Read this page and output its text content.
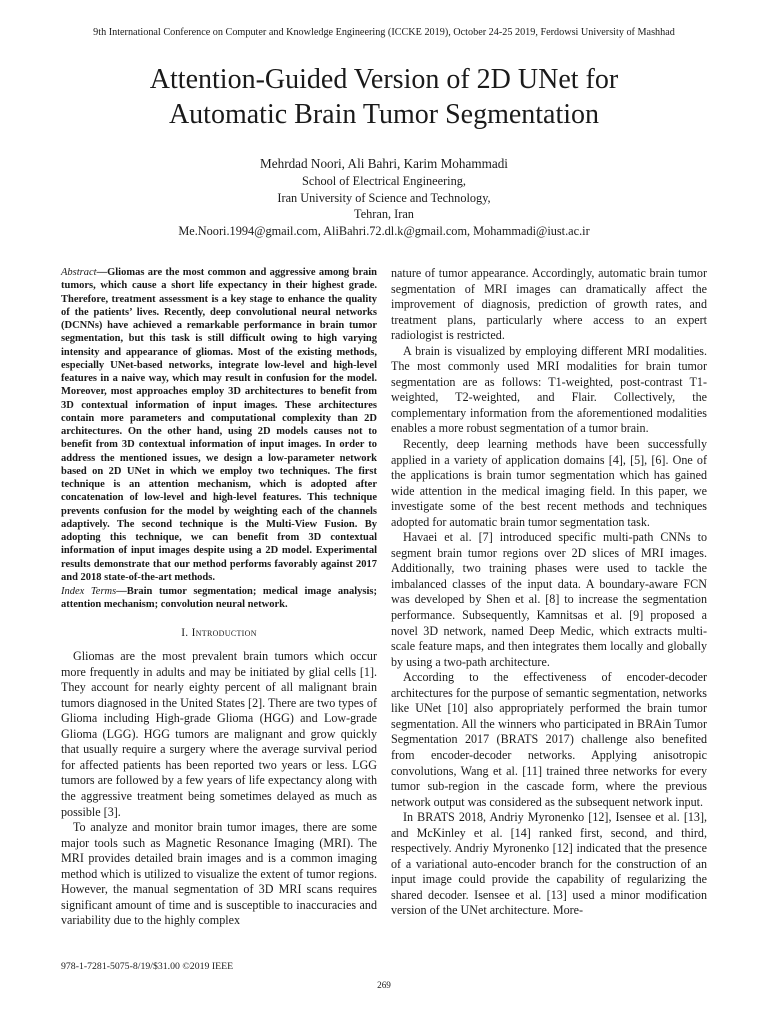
9th International Conference on Computer and Knowledge Engineering (ICCKE 2019), October 24-25 2019, Ferdowsi University of Mashhad
Attention-Guided Version of 2D UNet for
Automatic Brain Tumor Segmentation
Mehrdad Noori, Ali Bahri, Karim Mohammadi
School of Electrical Engineering,
Iran University of Science and Technology,
Tehran, Iran
Me.Noori.1994@gmail.com, AliBahri.72.dl.k@gmail.com, Mohammadi@iust.ac.ir

Abstract—Gliomas are the most common and aggressive among brain tumors, which cause a short life expectancy in their highest grade. Therefore, treatment assessment is a key stage to enhance the quality of the patients’ lives. Recently, deep convolutional neural networks (DCNNs) have achieved a remarkable performance in brain tumor segmentation, but this task is still difficult owing to high varying intensity and appearance of gliomas. Most of the existing methods, especially UNet-based networks, integrate low-level and high-level features in a naive way, which may result in confusion for the model. Moreover, most approaches employ 3D architectures to benefit from 3D contextual information of input images. These architectures contain more parameters and computational complexity than 2D architectures. On the other hand, using 2D models causes not to benefit from 3D contextual information of input images. In order to address the mentioned issues, we design a low-parameter network based on 2D UNet in which we employ two techniques. The first technique is an attention mechanism, which is adopted after concatenation of low-level and high-level features. This technique prevents confusion for the model by weighting each of the channels adaptively. The second technique is the Multi-View Fusion. By adopting this technique, we can benefit from 3D contextual information of input images despite using a 2D model. Experimental results demonstrate that our method performs favorably against 2017 and 2018 state-of-the-art methods.

Index Terms—Brain tumor segmentation; medical image analysis; attention mechanism; convolution neural network.

I. Introduction

Gliomas are the most prevalent brain tumors which occur more frequently in adults and may be initiated by glial cells [1]. They account for nearly eighty percent of all malignant brain tumors diagnosed in the United States [2]. There are two types of Glioma including High-grade Glioma (HGG) and Low-grade Glioma (LGG). HGG tumors are malignant and grow quickly that usually require a surgery where the average survival period for affected patients has been reported two years or less. LGG tumors are followed by a few years of life expectancy along with the aggressive treatment being sometimes delayed as much as possible [3].

To analyze and monitor brain tumor images, there are some major tools such as Magnetic Resonance Imaging (MRI). The MRI provides detailed brain images and is a common imaging method which is utilized to visualize the extent of tumor regions. However, the manual segmentation of 3D MRI scans requires significant amount of time and is susceptible to inaccuracies and variability due to the highly complex

nature of tumor appearance. Accordingly, automatic brain tumor segmentation of MRI images can dramatically affect the improvement of diagnosis, prediction of growth rates, and treatment plans, particularly where access to an expert radiologist is restricted.

A brain is visualized by employing different MRI modalities. The most commonly used MRI modalities for brain tumor segmentation are as follows: T1-weighted, post-contrast T1-weighted, T2-weighted, and Flair. Collectively, the complementary information from the aforementioned modalities enables a more robust segmentation of a tumor brain.

Recently, deep learning methods have been successfully applied in a variety of application domains [4], [5], [6]. One of the applications is brain tumor segmentation which has gained wide attention in the medical imaging field. In this paper, we investigate some of the best recent methods and techniques adopted for automatic brain tumor segmentation task.

Havaei et al. [7] introduced specific multi-path CNNs to segment brain tumor regions over 2D slices of MRI images. Additionally, two training phases were used to tackle the imbalanced classes of the input data. A boundary-aware FCN was developed by Shen et al. [8] to increase the segmentation performance. Subsequently, Kamnitsas et al. [9] proposed a novel 3D network, named Deep Medic, which extracts multi-scale feature maps, and then integrates them locally and globally by using a two-path architecture.

According to the effectiveness of encoder-decoder architectures for the purpose of semantic segmentation, networks like UNet [10] also appropriately performed the brain tumor segmentation. All the winners who participated in BRAin Tumor Segmentation 2017 (BRATS 2017) challenge also benefited from encoder-decoder networks. Applying anisotropic convolutions, Wang et al. [11] trained three networks for every tumor sub-region in the cascade form, where the previous network output was considered as the subsequent network input.

In BRATS 2018, Andriy Myronenko [12], Isensee et al. [13], and McKinley et al. [14] ranked first, second, and third, respectively. Andriy Myronenko [12] indicated that the presence of a variational auto-encoder branch for the construction of an input image could provide the capability of regularizing the shared decoder. Isensee et al. [13] used a minor modification version of the UNet architecture. More-

978-1-7281-5075-8/19/$31.00 ©2019 IEEE
269
